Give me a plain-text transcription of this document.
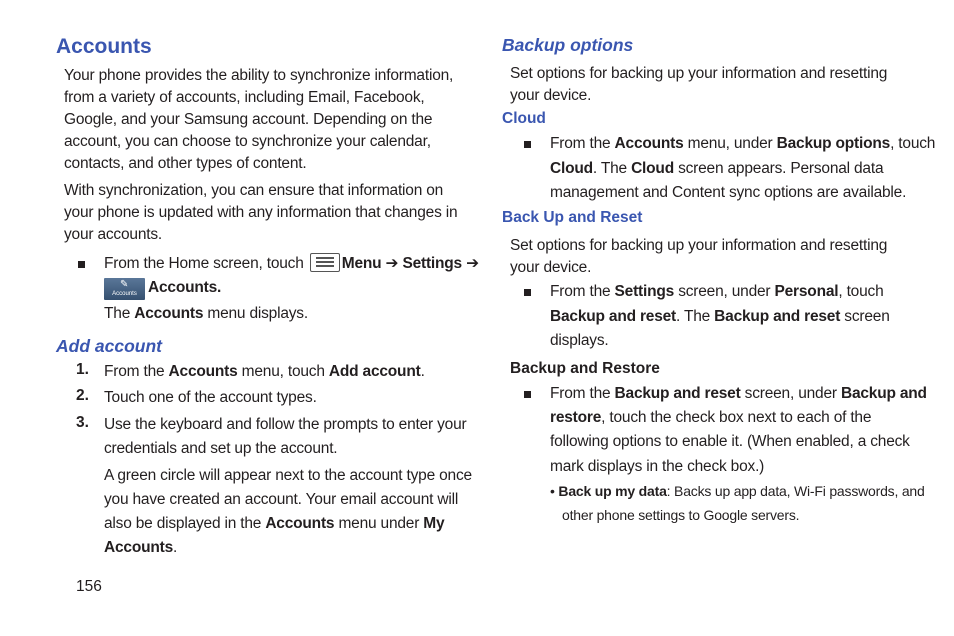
Accounts
Your phone provides the ability to synchronize information,
from a variety of accounts, including Email, Facebook,
Google, and your Samsung account. Depending on the
account, you can choose to synchronize your calendar,
contacts, and other types of content.
With synchronization, you can ensure that information on
your phone is updated with any information that changes in
your accounts.
From the Home screen, touch Menu ➔ Settings ➔
✎
Accounts Accounts.
The Accounts menu displays.
Add account
1. From the Accounts menu, touch Add account.
2. Touch one of the account types.
3. Use the keyboard and follow the prompts to enter your
credentials and set up the account.
A green circle will appear next to the account type once
you have created an account. Your email account will
also be displayed in the Accounts menu under My
Accounts.
156
Backup options
Set options for backing up your information and resetting
your device.
Cloud
From the Accounts menu, under Backup options, touch
Cloud. The Cloud screen appears. Personal data
management and Content sync options are available.
Back Up and Reset
Set options for backing up your information and resetting
your device.
From the Settings screen, under Personal, touch
Backup and reset. The Backup and reset screen
displays.
Backup and Restore
From the Backup and reset screen, under Backup and
restore, touch the check box next to each of the
following options to enable it. (When enabled, a check
mark displays in the check box.)
• Back up my data: Backs up app data, Wi-Fi passwords, and
other phone settings to Google servers.
